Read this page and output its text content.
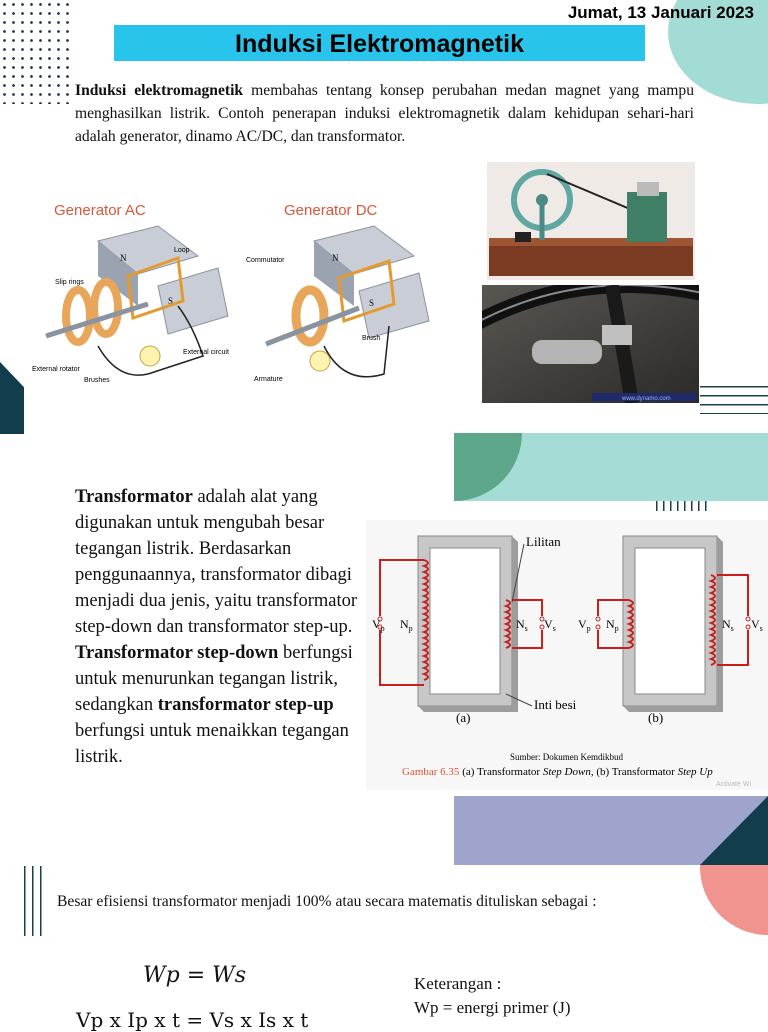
Jumat, 13 Januari 2023
Induksi Elektromagnetik
Induksi elektromagnetik membahas tentang konsep perubahan medan magnet yang mampu menghasilkan listrik. Contoh penerapan induksi elektromagnetik dalam kehidupan sehari-hari adalah generator, dinamo AC/DC, dan transformator.
Generator AC
N
S
Loop
Slip rings
External rotator
Brushes
External circuit
Generator DC
N
S
Commutator
Brush
Armature
www.dynamo.com
Transformator adalah alat yang digunakan untuk mengubah besar tegangan listrik. Berdasarkan penggunaannya, transformator dibagi menjadi dua jenis, yaitu transformator step-down dan transformator step-up. Transformator step-down berfungsi untuk menurunkan tegangan listrik, sedangkan transformator step-up berfungsi untuk menaikkan tegangan listrik.
$V_p$ $N_p$	$N_s$ $V_s$
Lilitan
Inti besi
(a)
$V_p$ $N_p$	$N_s$ $V_s$
(b)
Sumber: Dokumen Kemdikbud
Gambar 6.35 (a) Transformator Step Down, (b) Transformator Step Up
Activate Wi
Besar efisiensi transformator menjadi 100% atau secara matematis dituliskan sebagai :
Wp = Ws
Vp x Ip x t = Vs x Is x t
Keterangan :
Wp = energi primer (J)
